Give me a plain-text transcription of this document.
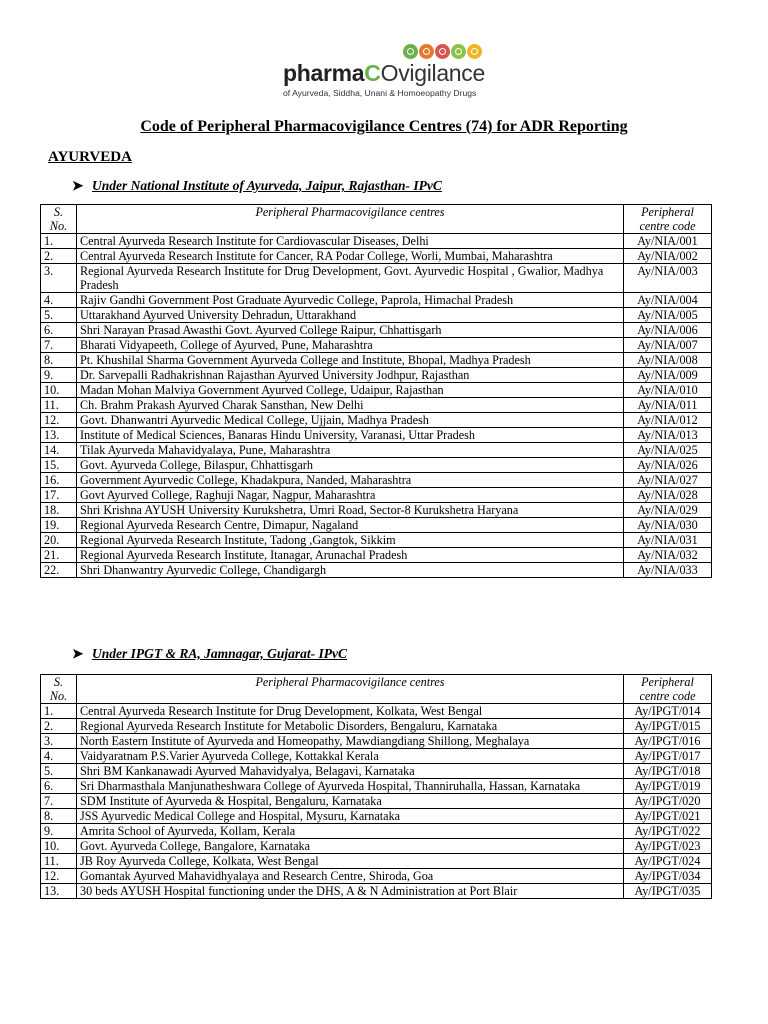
pharmaCOvigilance
of Ayurveda, Siddha, Unani & Homoeopathy Drugs
Code of Peripheral Pharmacovigilance Centres (74) for ADR Reporting
AYURVEDA
➤ Under National Institute of Ayurveda, Jaipur, Rajasthan- IPvC
S. No.	Peripheral Pharmacovigilance centres	Peripheral centre code
1.	Central Ayurveda Research Institute for Cardiovascular Diseases, Delhi	Ay/NIA/001
2.	Central Ayurveda Research Institute for Cancer, RA Podar College, Worli, Mumbai, Maharashtra	Ay/NIA/002
3.	Regional Ayurveda Research Institute for Drug Development, Govt. Ayurvedic Hospital , Gwalior, Madhya Pradesh	Ay/NIA/003
4.	Rajiv Gandhi Government Post Graduate Ayurvedic College, Paprola, Himachal Pradesh	Ay/NIA/004
5.	Uttarakhand Ayurved University Dehradun, Uttarakhand	Ay/NIA/005
6.	Shri Narayan Prasad Awasthi Govt. Ayurved College Raipur, Chhattisgarh	Ay/NIA/006
7.	Bharati Vidyapeeth, College of Ayurved, Pune, Maharashtra	Ay/NIA/007
8.	Pt. Khushilal Sharma Government Ayurveda College and Institute, Bhopal, Madhya Pradesh	Ay/NIA/008
9.	Dr. Sarvepalli Radhakrishnan Rajasthan Ayurved University Jodhpur, Rajasthan	Ay/NIA/009
10.	Madan Mohan Malviya Government Ayurved College, Udaipur, Rajasthan	Ay/NIA/010
11.	Ch. Brahm Prakash Ayurved Charak Sansthan, New Delhi	Ay/NIA/011
12.	Govt. Dhanwantri Ayurvedic Medical College, Ujjain, Madhya Pradesh	Ay/NIA/012
13.	Institute of Medical Sciences, Banaras Hindu University, Varanasi, Uttar Pradesh	Ay/NIA/013
14.	Tilak Ayurveda Mahavidyalaya, Pune, Maharashtra	Ay/NIA/025
15.	Govt. Ayurveda College, Bilaspur, Chhattisgarh	Ay/NIA/026
16.	Government Ayurvedic College, Khadakpura, Nanded, Maharashtra	Ay/NIA/027
17.	Govt Ayurved College, Raghuji Nagar, Nagpur, Maharashtra	Ay/NIA/028
18.	Shri Krishna AYUSH University Kurukshetra, Umri Road, Sector-8 Kurukshetra Haryana	Ay/NIA/029
19.	Regional Ayurveda Research Centre, Dimapur, Nagaland	Ay/NIA/030
20.	Regional Ayurveda Research Institute, Tadong ,Gangtok, Sikkim	Ay/NIA/031
21.	Regional Ayurveda Research Institute, Itanagar, Arunachal Pradesh	Ay/NIA/032
22.	Shri Dhanwantry Ayurvedic College, Chandigargh	Ay/NIA/033
➤ Under IPGT & RA, Jamnagar, Gujarat- IPvC
S. No.	Peripheral Pharmacovigilance centres	Peripheral centre code
1.	Central Ayurveda Research Institute for Drug Development, Kolkata, West Bengal	Ay/IPGT/014
2.	Regional Ayurveda Research Institute for Metabolic Disorders, Bengaluru, Karnataka	Ay/IPGT/015
3.	North Eastern Institute of Ayurveda and Homeopathy, Mawdiangdiang Shillong, Meghalaya	Ay/IPGT/016
4.	Vaidyaratnam P.S.Varier Ayurveda College, Kottakkal Kerala	Ay/IPGT/017
5.	Shri BM Kankanawadi Ayurved Mahavidyalya, Belagavi, Karnataka	Ay/IPGT/018
6.	Sri Dharmasthala Manjunatheshwara College of Ayurveda Hospital, Thanniruhalla, Hassan, Karnataka	Ay/IPGT/019
7.	SDM Institute of Ayurveda & Hospital, Bengaluru, Karnataka	Ay/IPGT/020
8.	JSS Ayurvedic Medical College and Hospital, Mysuru, Karnataka	Ay/IPGT/021
9.	Amrita School of Ayurveda, Kollam, Kerala	Ay/IPGT/022
10.	Govt. Ayurveda College, Bangalore, Karnataka	Ay/IPGT/023
11.	JB Roy Ayurveda College, Kolkata, West Bengal	Ay/IPGT/024
12.	Gomantak Ayurved Mahavidhyalaya and Research Centre, Shiroda, Goa	Ay/IPGT/034
13.	30 beds AYUSH Hospital functioning under the DHS, A & N Administration at Port Blair	Ay/IPGT/035
